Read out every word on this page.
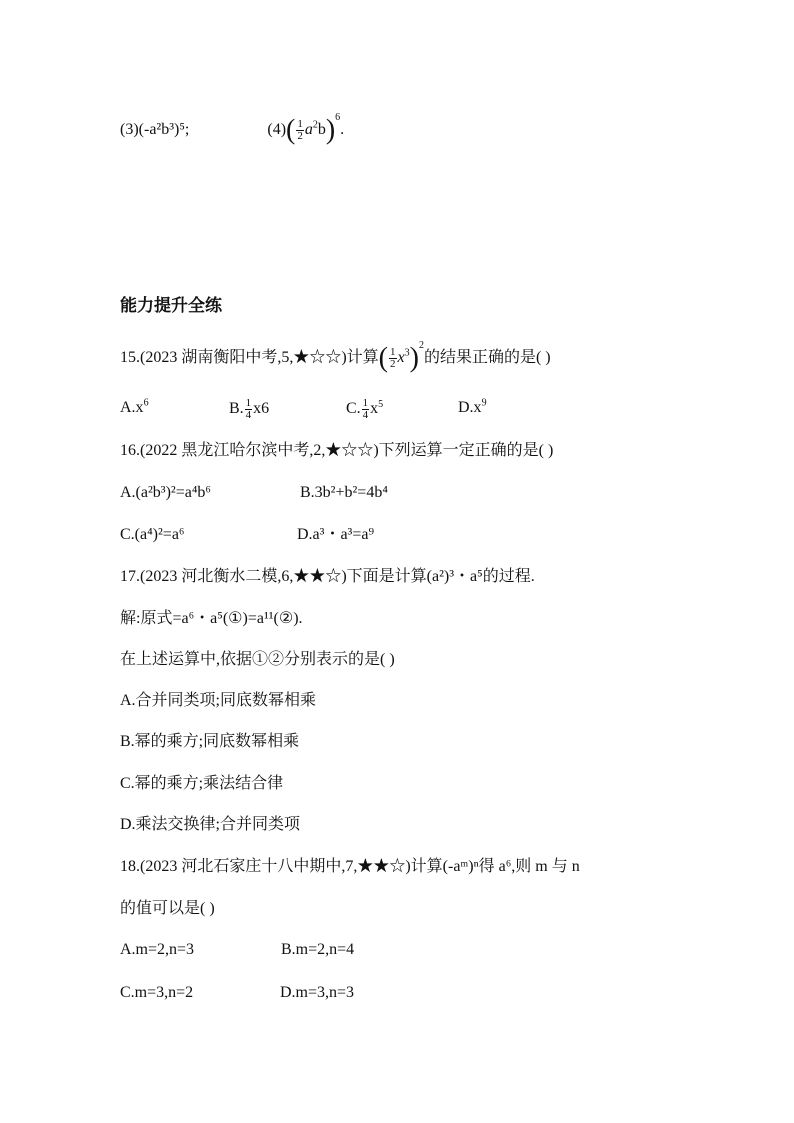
(3)(-a²b³)⁵;	$(4)( \frac{1}{2} a^2b)^6$.
能力提升全练
15.(2023 湖南衡阳中考,5,★☆☆)计算( $\frac{1}{2} x^3)^2$的结果正确的是( )
$A.x^6$	B. $\frac{1}{4} x6$	C. $\frac{1}{4} x^5$	$D.x^9$
16.(2022 黑龙江哈尔滨中考,2,★☆☆)下列运算一定正确的是( )
A.(a²b³)²=a⁴b⁶	B.3b²+b²=4b⁴
C.(a⁴)²=a⁶	D.a³・a³=a⁹
17.(2023 河北衡水二模,6,★★☆)下面是计算(a²)³・a⁵的过程.
解:原式=a⁶・a⁵(①)=a¹¹(②).
在上述运算中,依据①②分别表示的是( )
A.合并同类项;同底数幂相乘
B.幂的乘方;同底数幂相乘
C.幂的乘方;乘法结合律
D.乘法交换律;合并同类项
18.(2023 河北石家庄十八中期中,7,★★☆)计算(-aᵐ)ⁿ得 a⁶,则 m 与 n
的值可以是( )
A.m=2,n=3	B.m=2,n=4
C.m=3,n=2	D.m=3,n=3
